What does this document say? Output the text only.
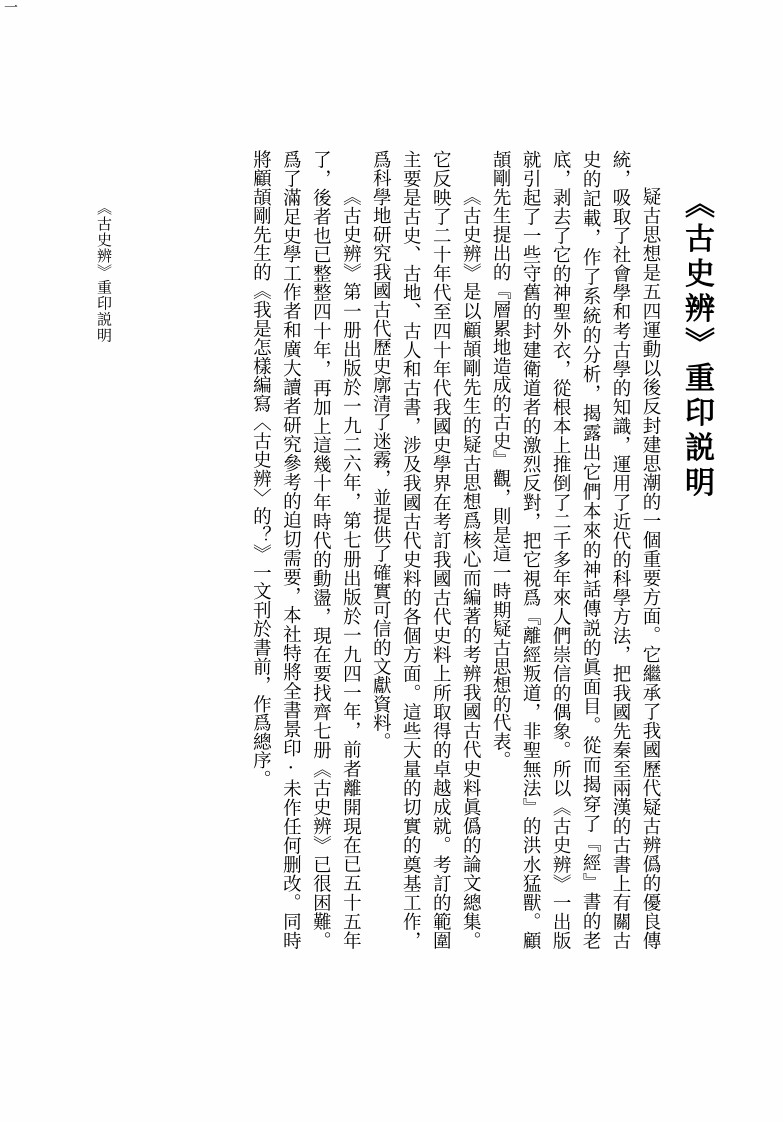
《古史辨》重印説明

疑古思想是五四運動以後反封建思潮的一個重要方面。它繼承了我國歷代疑古辨僞的優良傳統，吸取了社會學和考古學的知識，運用了近代的科學方法，把我國先秦至兩漢的古書上有關古史的記載，作了系統的分析，揭露出它們本來的神話傳説的眞面目。從而揭穿了『經』書的老底，剥去了它的神聖外衣，從根本上推倒了二千多年來人們崇信的偶象。所以《古史辨》一出版就引起了一些守舊的封建衛道者的激烈反對，把它視爲『離經叛道，非聖無法』的洪水猛獸。顧頡剛先生提出的『層累地造成的古史』觀，則是這一時期疑古思想的代表。

《古史辨》是以顧頡剛先生的疑古思想爲核心而編著的考辨我國古代史料眞僞的論文總集。它反映了二十年代至四十年代我國史學界在考訂我國古代史料上所取得的卓越成就。考訂的範圍主要是古史、古地、古人和古書，涉及我國古代史料的各個方面。這些大量的切實的奠基工作，爲科學地研究我國古代歷史廓清了迷霧，並提供了確實可信的文獻資料。

《古史辨》第一册出版於一九二六年，第七册出版於一九四一年，前者離開現在已五十五年了，後者也已整整四十年，再加上這幾十年時代的動盪，現在要找齊七册《古史辨》已很困難。爲了滿足史學工作者和廣大讀者研究參考的迫切需要，本社特將全書景印·未作任何删改。同時將顧頡剛先生的《我是怎樣編寫〈古史辨〉的？》一文刊於書前，作爲總序。

《古史辨》重印説明
一
